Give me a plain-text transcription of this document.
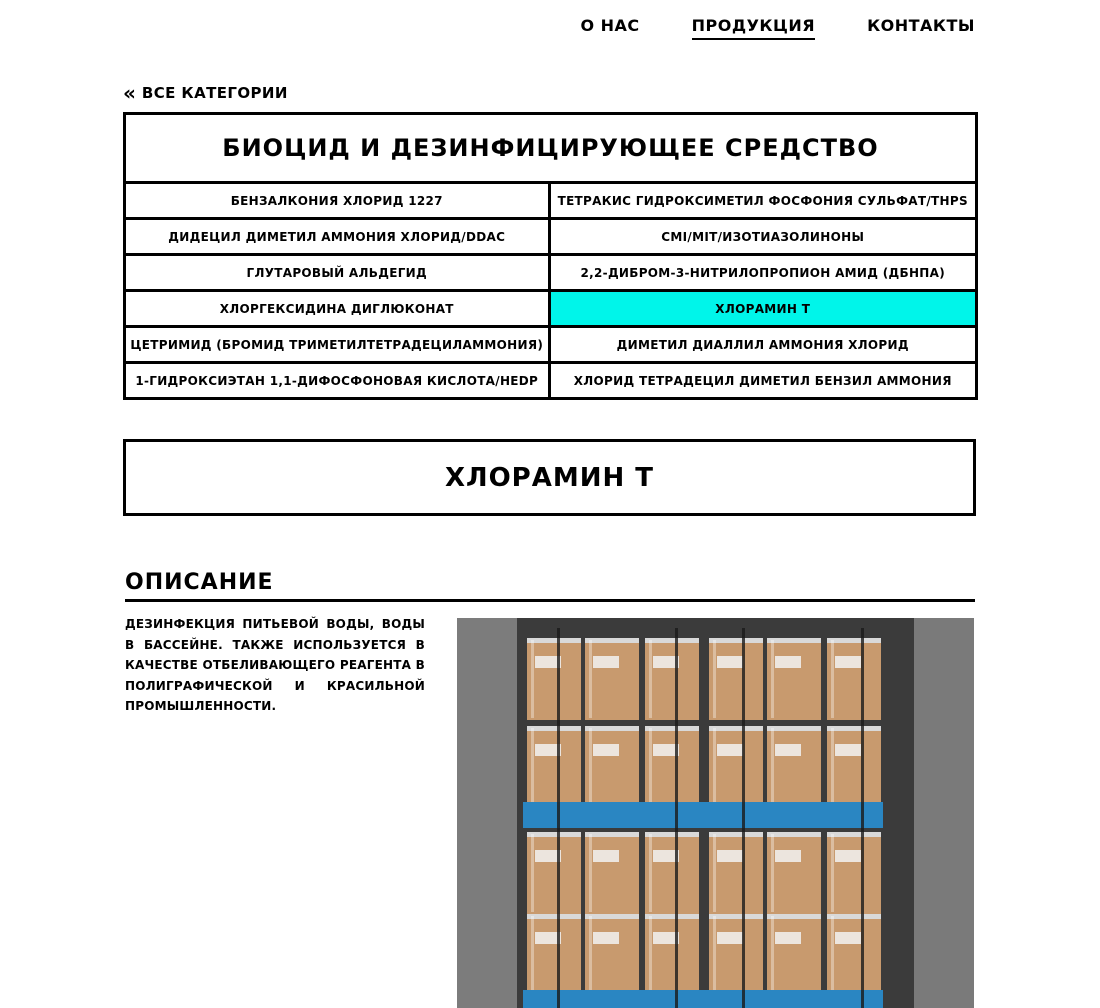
О НАС	ПРОДУКЦИЯ	КОНТАКТЫ
« ВСЕ КАТЕГОРИИ
БИОЦИД И ДЕЗИНФИЦИРУЮЩЕЕ СРЕДСТВО
БЕНЗАЛКОНИЯ ХЛОРИД 1227	ТЕТРАКИС ГИДРОКСИМЕТИЛ ФОСФОНИЯ СУЛЬФАТ/THPS
ДИДЕЦИЛ ДИМЕТИЛ АММОНИЯ ХЛОРИД/DDAC	CMI/MIT/ИЗОТИАЗОЛИНОНЫ
ГЛУТАРОВЫЙ АЛЬДЕГИД	2,2-ДИБРОМ-3-НИТРИЛОПРОПИОН АМИД (ДБНПА)
ХЛОРГЕКСИДИНА ДИГЛЮКОНАТ	ХЛОРАМИН Т
ЦЕТРИМИД (БРОМИД ТРИМЕТИЛТЕТРАДЕЦИЛАММОНИЯ)	ДИМЕТИЛ ДИАЛЛИЛ АММОНИЯ ХЛОРИД
1-ГИДРОКСИЭТАН 1,1-ДИФОСФОНОВАЯ КИСЛОТА/HEDP	ХЛОРИД ТЕТРАДЕЦИЛ ДИМЕТИЛ БЕНЗИЛ АММОНИЯ
ХЛОРАМИН Т
ОПИСАНИЕ
ДЕЗИНФЕКЦИЯ ПИТЬЕВОЙ ВОДЫ, ВОДЫ В БАССЕЙНЕ. ТАКЖЕ ИСПОЛЬЗУЕТСЯ В КАЧЕСТВЕ ОТБЕЛИВАЮЩЕГО РЕАГЕНТА В ПОЛИГРАФИЧЕСКОЙ И КРАСИЛЬНОЙ ПРОМЫШЛЕННОСТИ.
